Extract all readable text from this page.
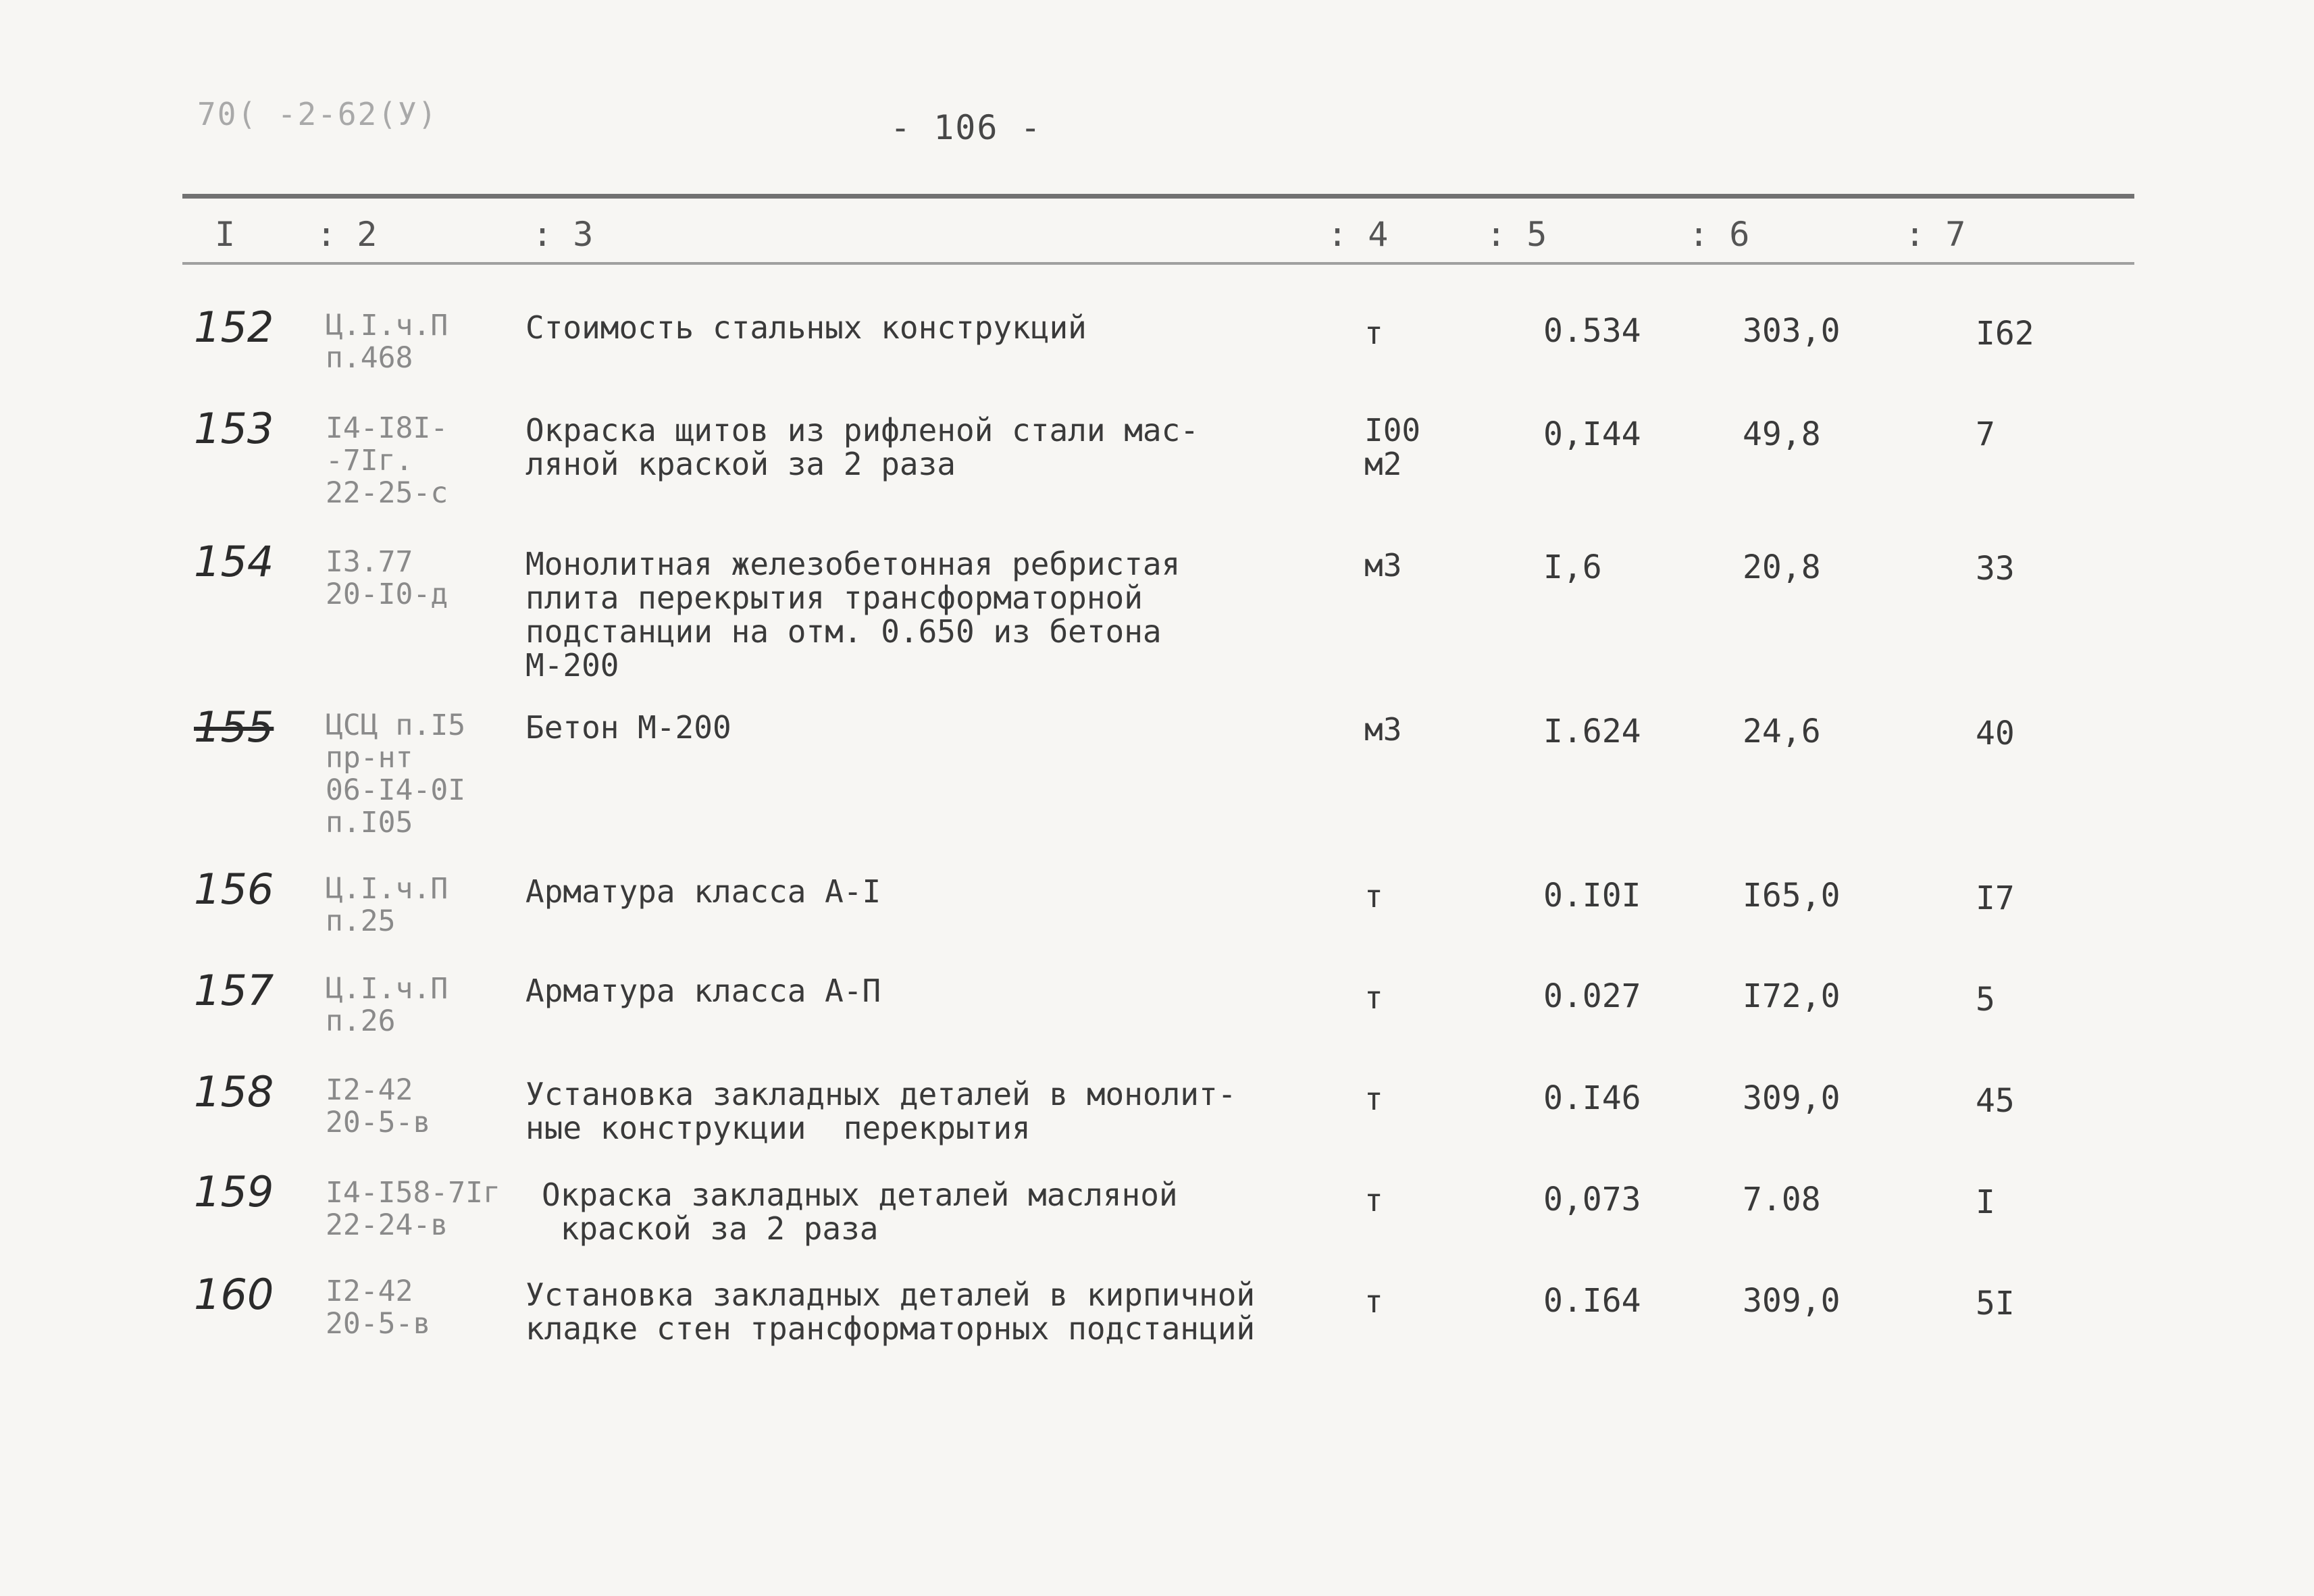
70( -2-62(У)	- 106 -
I : 2	: 3	: 4	: 5	: 6	: 7
152 Ц.I.ч.П
п.468
Стоимость стальных конструкций	т	0.534	303,0	I62
153 I4-I8I-
-7Iг.
22-25-с
Окраска щитов из рифленой стали мас-
ляной краской за 2 раза
I00
м2
0,I44	49,8	7
154 I3.77
20-I0-д
Монолитная железобетонная ребристая
плита перекрытия трансформаторной
подстанции на отм. 0.650 из бетона
М-200
м3	I,6	20,8	33
155 ЦСЦ п.I5
пр-нт
06-I4-0I
п.I05
Бетон М-200	м3	I.624	24,6	40
156 Ц.I.ч.П
п.25
Арматура класса А-I	т	0.I0I	I65,0	I7
157 Ц.I.ч.П
п.26
Арматура класса А-П	т	0.027	I72,0	5
158 I2-42
20-5-в
Установка закладных деталей в монолит-
ные конструкции  перекрытия
т	0.I46	309,0	45
159 I4-I58-7Iг
22-24-в
Окраска закладных деталей масляной
краской за 2 раза
т	0,073	7.08	I
160 I2-42
20-5-в
Установка закладных деталей в кирпичной
кладке стен трансформаторных подстанций
т	0.I64	309,0	5I
